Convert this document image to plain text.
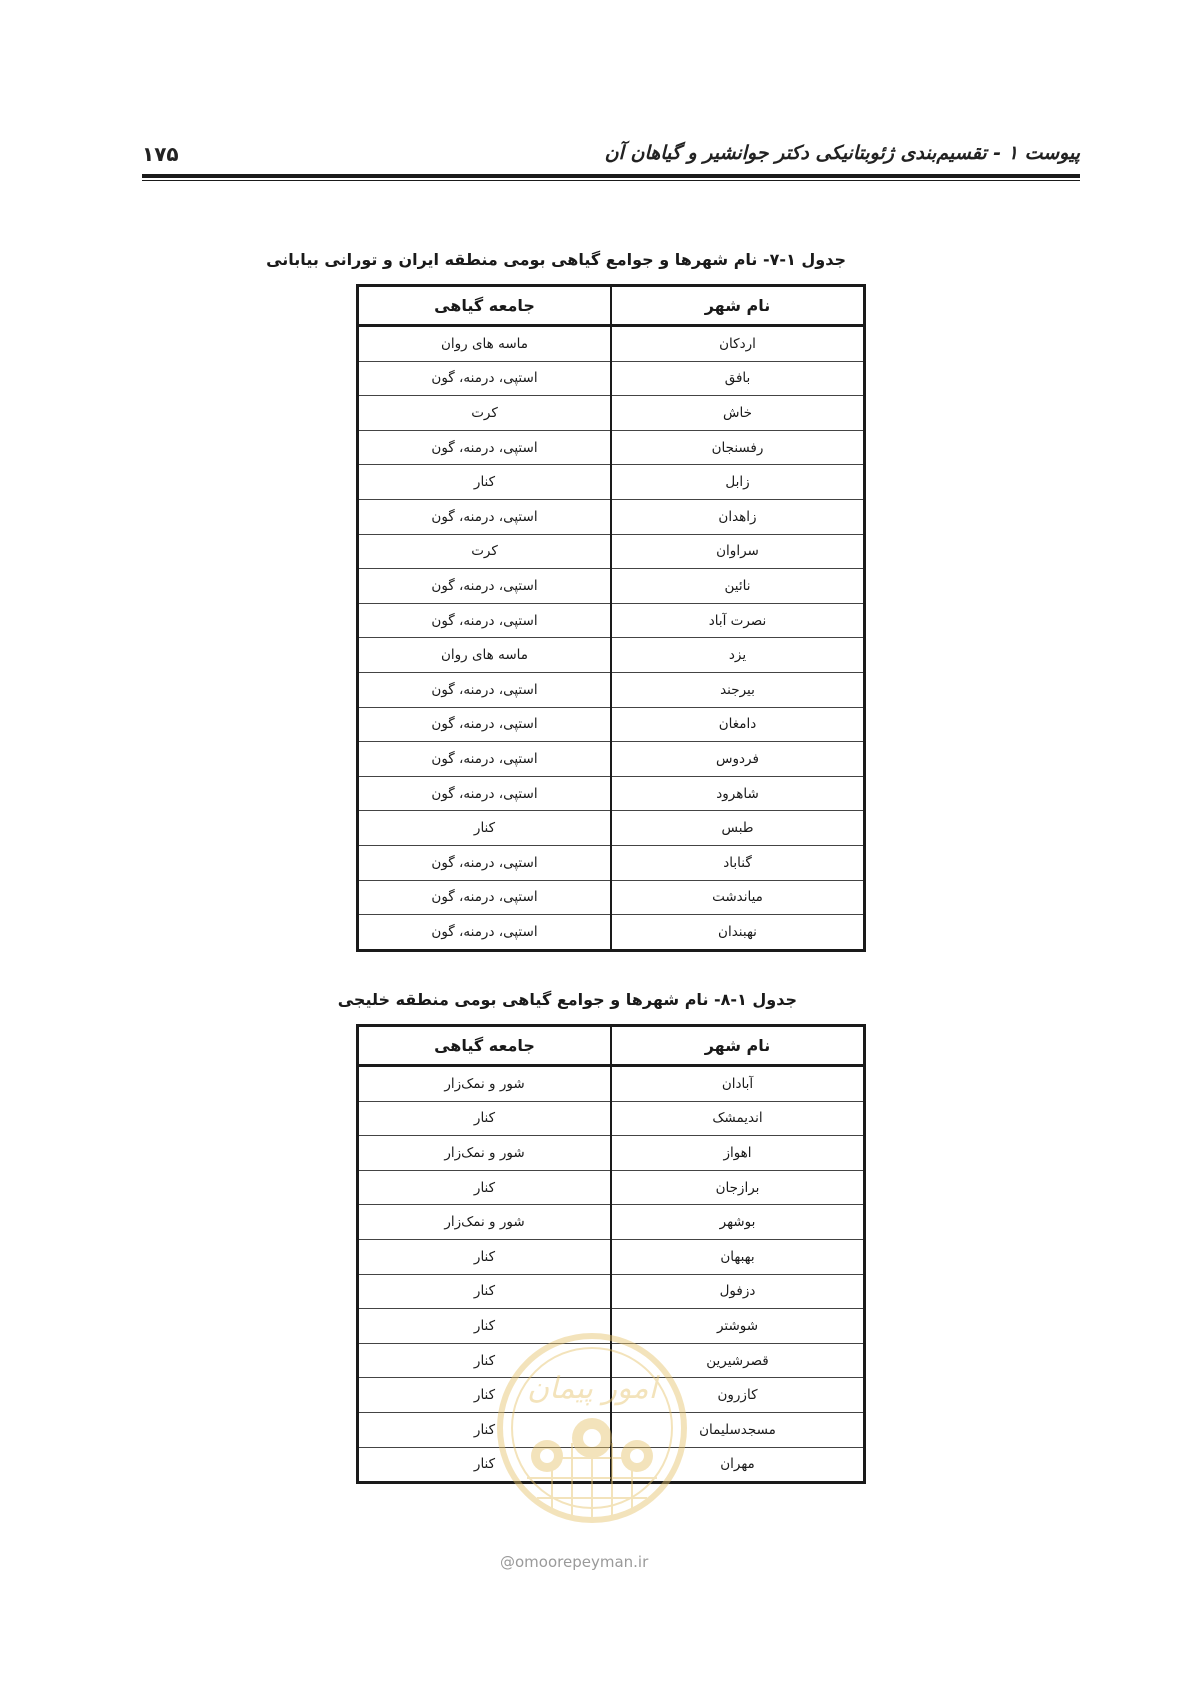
پیوست ۱ - تقسیم‌بندی ژئوبتانیکی دکتر جوانشیر و گیاهان آن
۱۷۵
جدول ۱-۷- نام شهرها و جوامع گیاهی بومی منطقه ایران و تورانی بیابانی
نام شهر	جامعه گیاهی
اردکان	ماسه های روان
بافق	استپی، درمنه، گون
خاش	کرت
رفسنجان	استپی، درمنه، گون
زابل	کنار
زاهدان	استپی، درمنه، گون
سراوان	کرت
نائین	استپی، درمنه، گون
نصرت آباد	استپی، درمنه، گون
یزد	ماسه های روان
بیرجند	استپی، درمنه، گون
دامغان	استپی، درمنه، گون
فردوس	استپی، درمنه، گون
شاهرود	استپی، درمنه، گون
طبس	کنار
گناباد	استپی، درمنه، گون
میاندشت	استپی، درمنه، گون
نهبندان	استپی، درمنه، گون
جدول ۱-۸- نام شهرها و جوامع گیاهی بومی منطقه خلیجی
نام شهر	جامعه گیاهی
آبادان	شور و نمک‌زار
اندیمشک	کنار
اهواز	شور و نمک‌زار
برازجان	کنار
بوشهر	شور و نمک‌زار
بهبهان	کنار
دزفول	کنار
شوشتر	کنار
قصرشیرین	کنار
کازرون	کنار
مسجدسلیمان	کنار
مهران	کنار
امور پیمان
@omoorepeyman.ir
